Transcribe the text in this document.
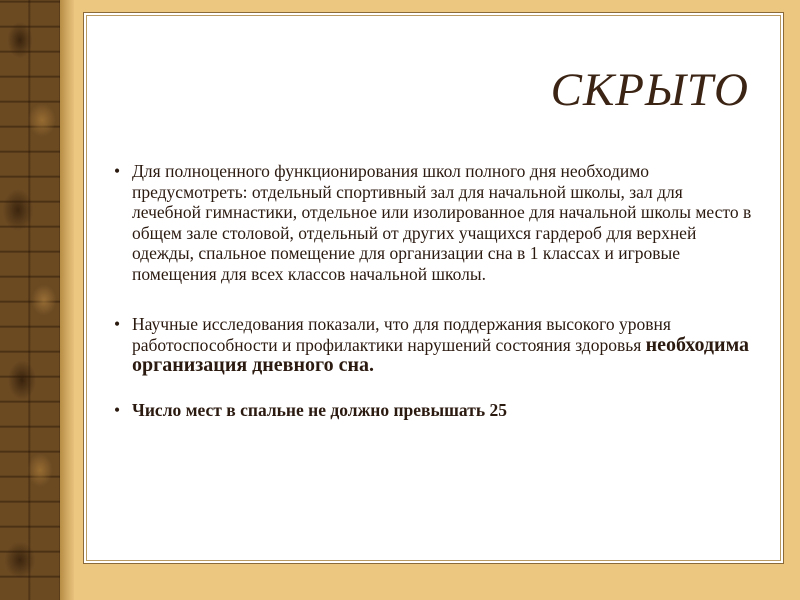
СКРЫТО
• Для полноценного функционирования школ полного дня необходимо предусмотреть: отдельный спортивный зал для начальной школы, зал для лечебной гимнастики, отдельное или изолированное для начальной школы место в общем зале столовой, отдельный от других учащихся гардероб для верхней одежды, спальное помещение для организации сна в 1 классах и игровые помещения для всех классов начальной школы.
• Научные исследования показали, что для поддержания высокого уровня работоспособности и профилактики нарушений состояния здоровья необходима организация дневного сна.
• Число мест в спальне не должно превышать 25
